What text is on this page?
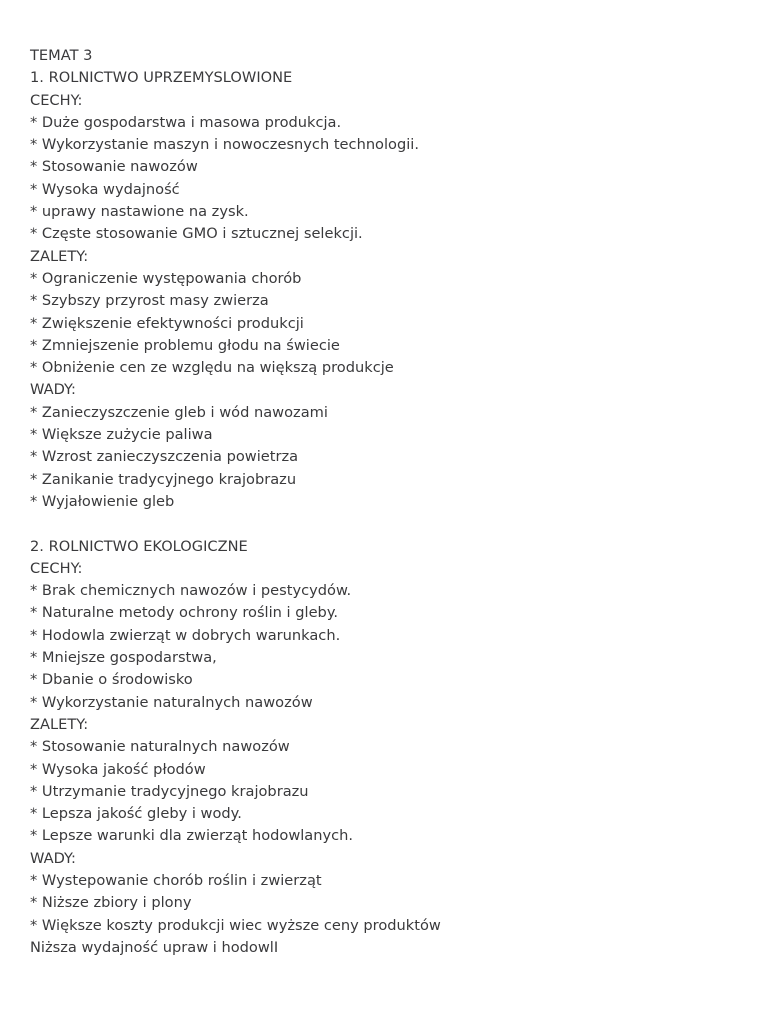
TEMAT 3
1. ROLNICTWO UPRZEMYSLOWIONE
CECHY:
* Duże gospodarstwa i masowa produkcja.
* Wykorzystanie maszyn i nowoczesnych technologii.
* Stosowanie nawozów
* Wysoka wydajność
* uprawy nastawione na zysk.
* Częste stosowanie GMO i sztucznej selekcji.
ZALETY:
* Ograniczenie występowania chorób
* Szybszy przyrost masy zwierza
* Zwiększenie efektywności produkcji
* Zmniejszenie problemu głodu na świecie
* Obniżenie cen ze względu na większą produkcje
WADY:
* Zanieczyszczenie gleb i wód nawozami
* Większe zużycie paliwa
* Wzrost zanieczyszczenia powietrza
* Zanikanie tradycyjnego krajobrazu
* Wyjałowienie gleb
2. ROLNICTWO EKOLOGICZNE
CECHY:
* Brak chemicznych nawozów i pestycydów.
* Naturalne metody ochrony roślin i gleby.
* Hodowla zwierząt w dobrych warunkach.
* Mniejsze gospodarstwa,
* Dbanie o środowisko
* Wykorzystanie naturalnych nawozów
ZALETY:
* Stosowanie naturalnych nawozów
* Wysoka jakość płodów
* Utrzymanie tradycyjnego krajobrazu
* Lepsza jakość gleby i wody.
* Lepsze warunki dla zwierząt hodowlanych.
WADY:
* Wystepowanie chorób roślin i zwierząt
* Niższe zbiory i plony
* Większe koszty produkcji wiec wyższe ceny produktów
Niższa wydajność upraw i hodowlI
